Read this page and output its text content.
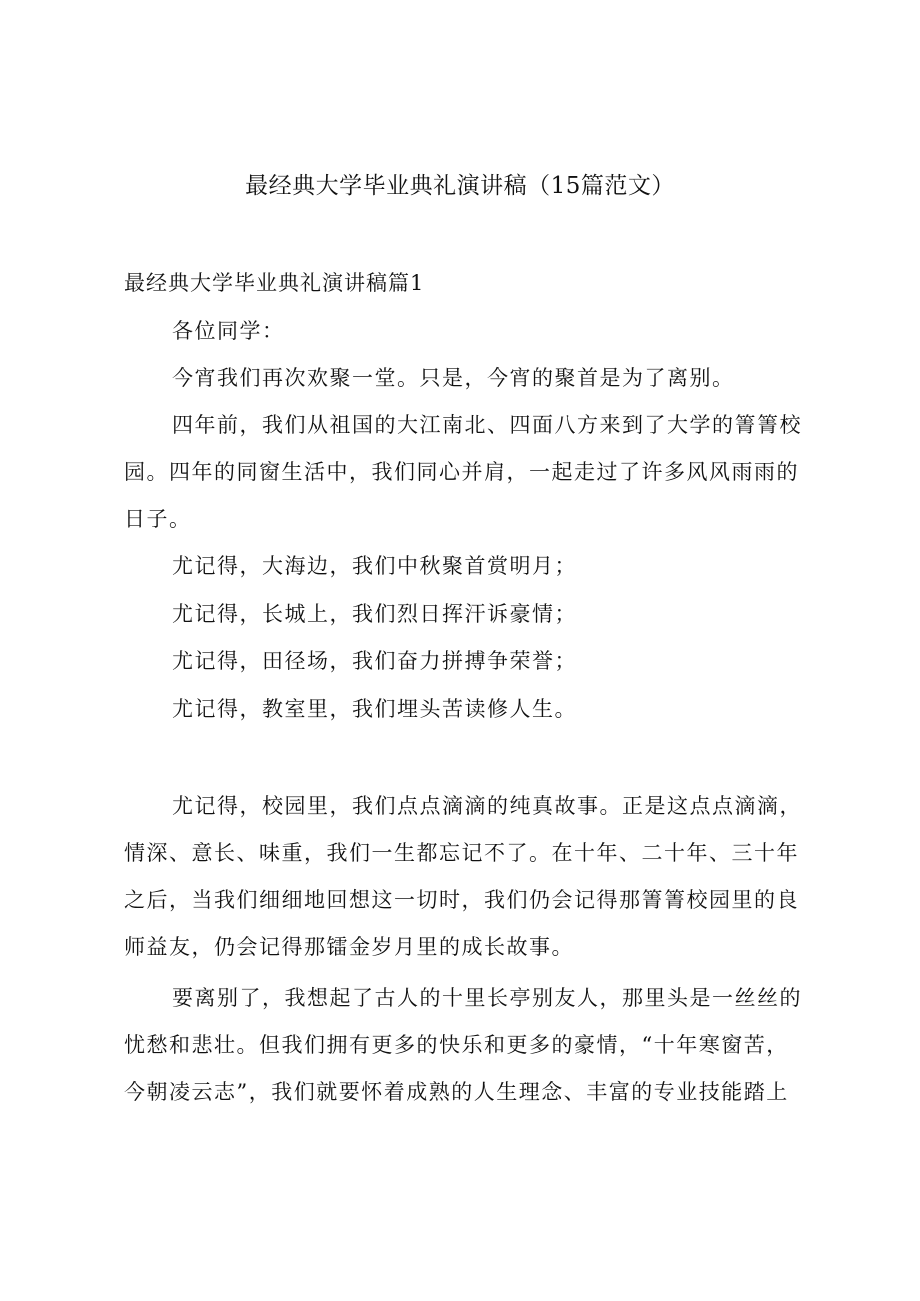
最经典大学毕业典礼演讲稿（15篇范文）
最经典大学毕业典礼演讲稿篇1
各位同学：
今宵我们再次欢聚一堂。只是，今宵的聚首是为了离别。
四年前，我们从祖国的大江南北、四面八方来到了大学的箐箐校
园。四年的同窗生活中，我们同心并肩，一起走过了许多风风雨雨的
日子。
尤记得，大海边，我们中秋聚首赏明月；
尤记得，长城上，我们烈日挥汗诉豪情；
尤记得，田径场，我们奋力拼搏争荣誉；
尤记得，教室里，我们埋头苦读修人生。
尤记得，校园里，我们点点滴滴的纯真故事。正是这点点滴滴，
情深、意长、味重，我们一生都忘记不了。在十年、二十年、三十年
之后，当我们细细地回想这一切时，我们仍会记得那箐箐校园里的良
师益友，仍会记得那镭金岁月里的成长故事。
要离别了，我想起了古人的十里长亭别友人，那里头是一丝丝的
忧愁和悲壮。但我们拥有更多的快乐和更多的豪情，“十年寒窗苦，
今朝凌云志”，我们就要怀着成熟的人生理念、丰富的专业技能踏上
